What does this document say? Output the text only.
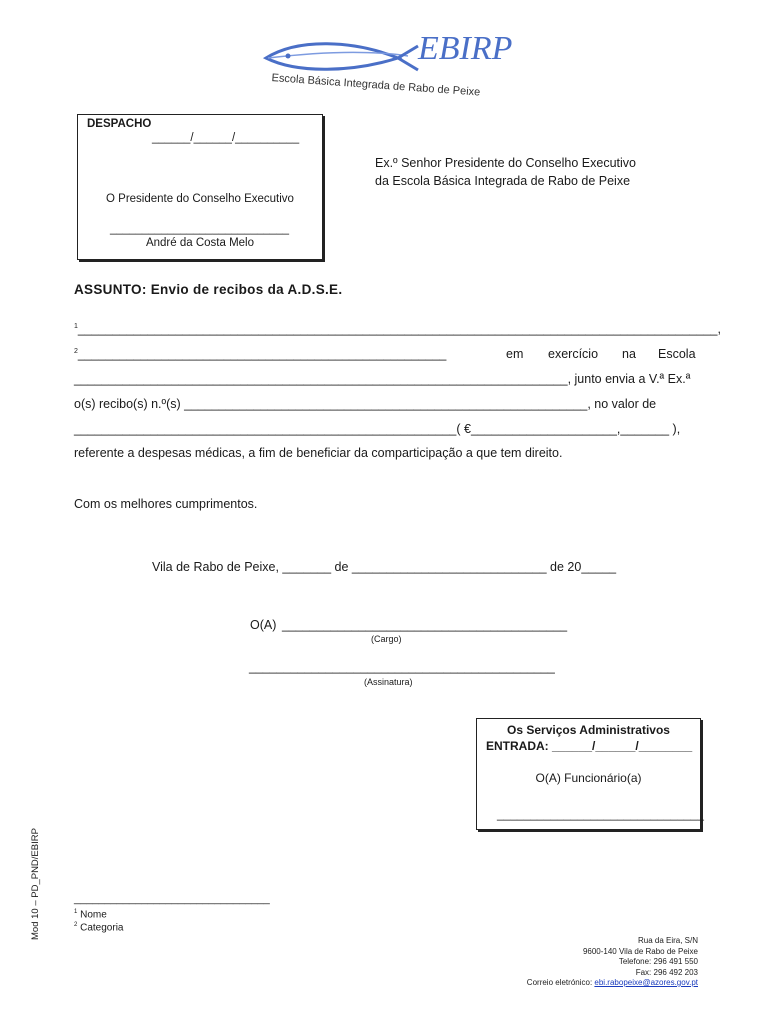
EBIRP
Escola Básica Integrada de Rabo de Peixe
DESPACHO
______/______/__________
O Presidente do Conselho Executivo
____________________________
André da Costa Melo
Ex.º Senhor Presidente do Conselho Executivo
da Escola Básica Integrada de Rabo de Peixe
ASSUNTO: Envio de recibos da A.D.S.E.
$^1$____________________________________________________________________________________________,
$^2$_____________________________________________________	em exercício na Escola
_______________________________________________________________________, junto envia a V.ª Ex.ª
o(s) recibo(s) n.º(s) __________________________________________________________, no valor de
_______________________________________________________( €_____________________,_______ ),
referente a despesas médicas, a fim de beneficiar da comparticipação a que tem direito.
Com os melhores cumprimentos.
Vila de Rabo de Peixe, _______ de ____________________________ de 20_____
O(A) _________________________________________
(Cargo)
____________________________________________
(Assinatura)
Os Serviços Administrativos
ENTRADA: ______/______/________
O(A) Funcionário(a)
_______________________________
Mod 10 – PD_PND/EBIRP	________________________________
$^1$ Nome
$^2$ Categoria
Rua da Eira, S/N
9600-140 Vila de Rabo de Peixe
Telefone: 296 491 550
Fax: 296 492 203
Correio eletrónico: ebi.rabopeixe@azores.gov.pt
